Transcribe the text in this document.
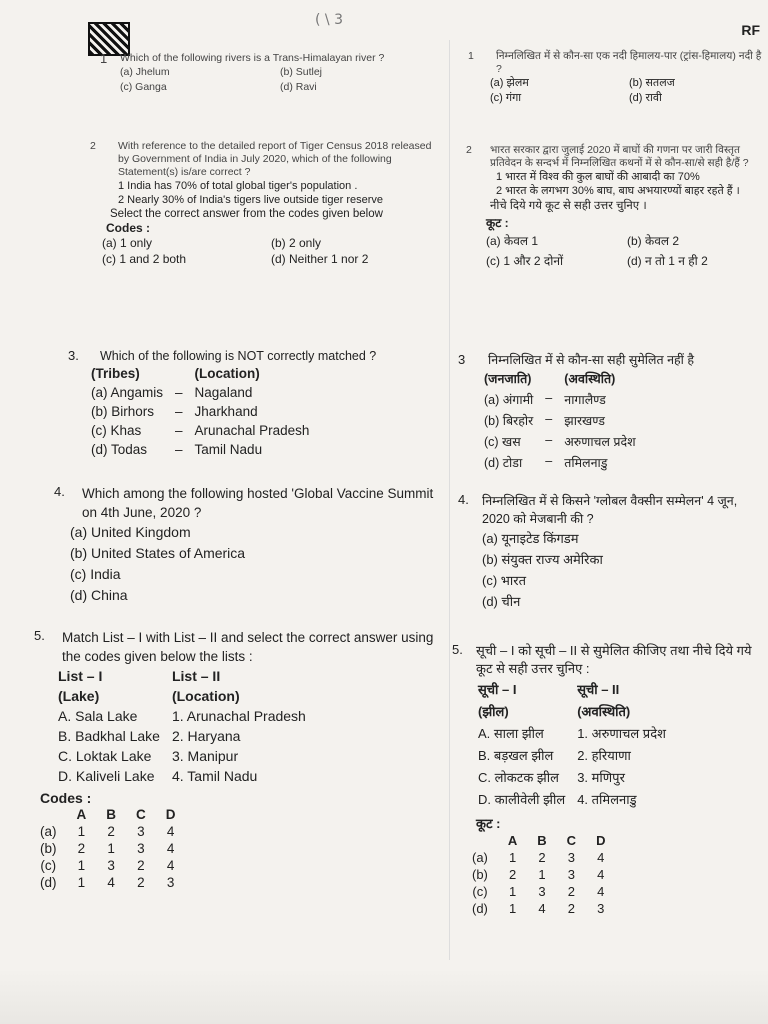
( \ 3
RF
1 Which of the following rivers is a Trans-Himalayan river ?
(a) Jhelum	(b) Sutlej
(c) Ganga	(d) Ravi
2 With reference to the detailed report of Tiger Census 2018 released by Government of India in July 2020, which of the following Statement(s) is/are correct ?
1 India has 70% of total global tiger's population .
2 Nearly 30% of India's tigers live outside tiger reserve
Select the correct answer from the codes given below
Codes :
(a) 1 only	(b) 2 only
(c) 1 and 2 both	(d) Neither 1 nor 2
3. Which of the following is NOT correctly matched ?
(Tribes)		(Location)
(a) Angamis	–	Nagaland
(b) Birhors	–	Jharkhand
(c) Khas	–	Arunachal Pradesh
(d) Todas	–	Tamil Nadu
4. Which among the following hosted 'Global Vaccine Summit on 4th June, 2020 ?
(a) United Kingdom
(b) United States of America
(c) India
(d) China
5. Match List – I with List – II and select the correct answer using the codes given below the lists :
List – I	List – II
(Lake)	(Location)
A. Sala Lake	1. Arunachal Pradesh
B. Badkhal Lake	2. Haryana
C. Loktak Lake	3. Manipur
D. Kaliveli Lake	4. Tamil Nadu
Codes :
	A	B	C	D
(a)	1	2	3	4
(b)	2	1	3	4
(c)	1	3	2	4
(d)	1	4	2	3
1 निम्नलिखित में से कौन-सा एक नदी हिमालय-पार (ट्रांस-हिमालय) नदी है ?
(a) झेलम	(b) सतलज
(c) गंगा	(d) रावी
2 भारत सरकार द्वारा जुलाई 2020 में बाघों की गणना पर जारी विस्तृत प्रतिवेदन के सन्दर्भ में निम्नलिखित कथनों में से कौन-सा/से सही है/हैं ?
1 भारत में विश्व की कुल बाघों की आबादी का 70%
2 भारत के लगभग 30% बाघ, बाघ अभयारण्यों बाहर रहते हैं ।
नीचे दिये गये कूट से सही उत्तर चुनिए ।
कूट :
(a) केवल 1	(b) केवल 2
(c) 1 और 2 दोनों	(d) न तो 1 न ही 2
3 निम्नलिखित में से कौन-सा सही सुमेलित नहीं है
(जनजाति)		(अवस्थिति)
(a) अंगामी	–	नागालैण्ड
(b) बिरहोर	–	झारखण्ड
(c) खस	–	अरुणाचल प्रदेश
(d) टोडा	–	तमिलनाडु
4. निम्नलिखित में से किसने 'ग्लोबल वैक्सीन सम्मेलन' 4 जून, 2020 को मेजबानी की ?
(a) यूनाइटेड किंगडम
(b) संयुक्त राज्य अमेरिका
(c) भारत
(d) चीन
5. सूची – I को सूची – II से सुमेलित कीजिए तथा नीचे दिये गये कूट से सही उत्तर चुनिए :
सूची – I	सूची – II
(झील)	(अवस्थिति)
A. साला झील	1. अरुणाचल प्रदेश
B. बड़खल झील	2. हरियाणा
C. लोकटक झील	3. मणिपुर
D. कालीवेली झील	4. तमिलनाडु
कूट :
	A	B	C	D
(a)	1	2	3	4
(b)	2	1	3	4
(c)	1	3	2	4
(d)	1	4	2	3
